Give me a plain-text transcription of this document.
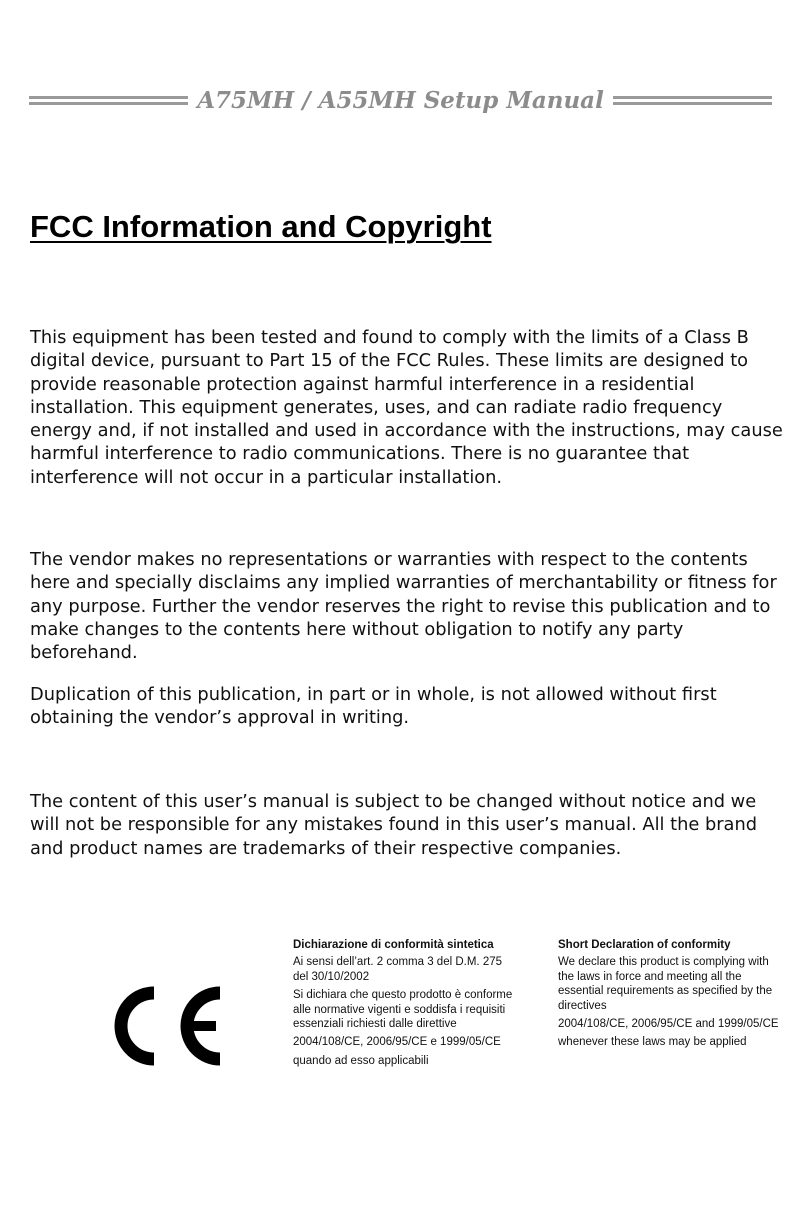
A75MH / A55MH Setup Manual
FCC Information and Copyright

This equipment has been tested and found to comply with the limits of a Class B digital device, pursuant to Part 15 of the FCC Rules. These limits are designed to provide reasonable protection against harmful interference in a residential installation. This equipment generates, uses, and can radiate radio frequency energy and, if not installed and used in accordance with the instructions, may cause harmful interference to radio communications. There is no guarantee that interference will not occur in a particular installation.

The vendor makes no representations or warranties with respect to the contents here and specially disclaims any implied warranties of merchantability or fitness for any purpose. Further the vendor reserves the right to revise this publication and to make changes to the contents here without obligation to notify any party beforehand.

Duplication of this publication, in part or in whole, is not allowed without first obtaining the vendor’s approval in writing.

The content of this user’s manual is subject to be changed without notice and we will not be responsible for any mistakes found in this user’s manual. All the brand and product names are trademarks of their respective companies.

Dichiarazione di conformità sintetica

Ai sensi dell’art. 2 comma 3 del D.M. 275 del 30/10/2002

Si dichiara che questo prodotto è conforme alle normative vigenti e soddisfa i requisiti essenziali richiesti dalle direttive

2004/108/CE, 2006/95/CE e 1999/05/CE

quando ad esso applicabili

Short Declaration of conformity

We declare this product is complying with the laws in force and meeting all the essential requirements as specified by the directives

2004/108/CE, 2006/95/CE and 1999/05/CE

whenever these laws may be applied
